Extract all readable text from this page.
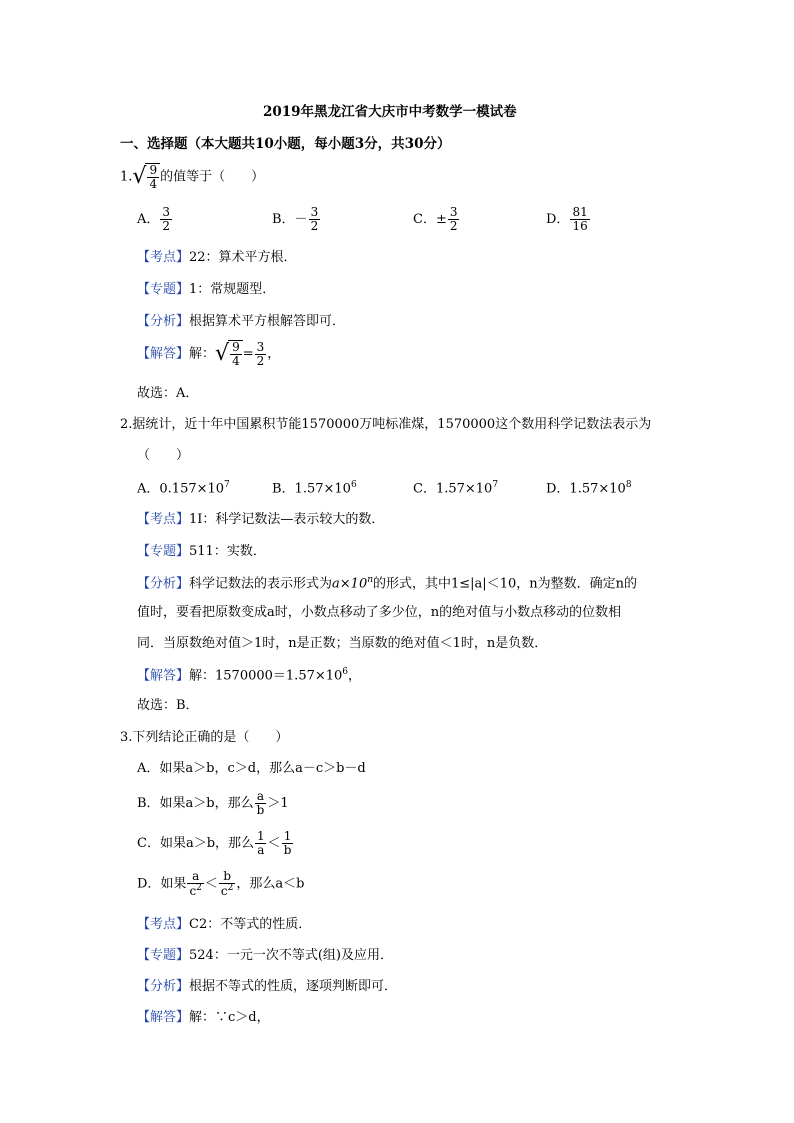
2019年黑龙江省大庆市中考数学一模试卷
一、选择题（本大题共10小题，每小题3分，共30分）
1. √ $\frac{9}{4}$ 的值等于（　　）
A． $\frac{3}{2}$	B．－ $\frac{3}{2}$	C．± $\frac{3}{2}$	D． $\frac{81}{16}$
【考点】22：算术平方根．
【专题】1：常规题型．
【分析】根据算术平方根解答即可．
【解答】解： √ $\frac{9}{4} = \frac{3}{2}$ ，
故选：A．
2.据统计，近十年中国累积节能1570000万吨标准煤，1570000这个数用科学记数法表示为
（　　）
A．$0.157\times 10^7$	B．$1.57\times 10^6$	C．$1.57\times 10^7$	D．$1.57\times 10^8$
【考点】1I：科学记数法—表示较大的数．
【专题】511：实数．
【分析】科学记数法的表示形式为$a\times 10^n$的形式，其中1≤|a|＜10，n为整数．确定n的
值时，要看把原数变成a时，小数点移动了多少位，n的绝对值与小数点移动的位数相
同．当原数绝对值＞1时，n是正数；当原数的绝对值＜1时，n是负数．
【解答】解：$1570000=1.57\times 10^6$，
故选：B．
3.下列结论正确的是（　　）
A．如果a＞b，c＞d，那么a－c＞b－d
B．如果a＞b，那么 $\frac{a}{b} >1$
C．如果a＞b，那么 $\frac{1}{a} < \frac{1}{b}$
D．如果 $\frac{a}{c^2} < \frac{b}{c^2}$ ，那么a＜b
【考点】C2：不等式的性质．
【专题】524：一元一次不等式(组)及应用．
【分析】根据不等式的性质，逐项判断即可．
【解答】解：∵c＞d，
